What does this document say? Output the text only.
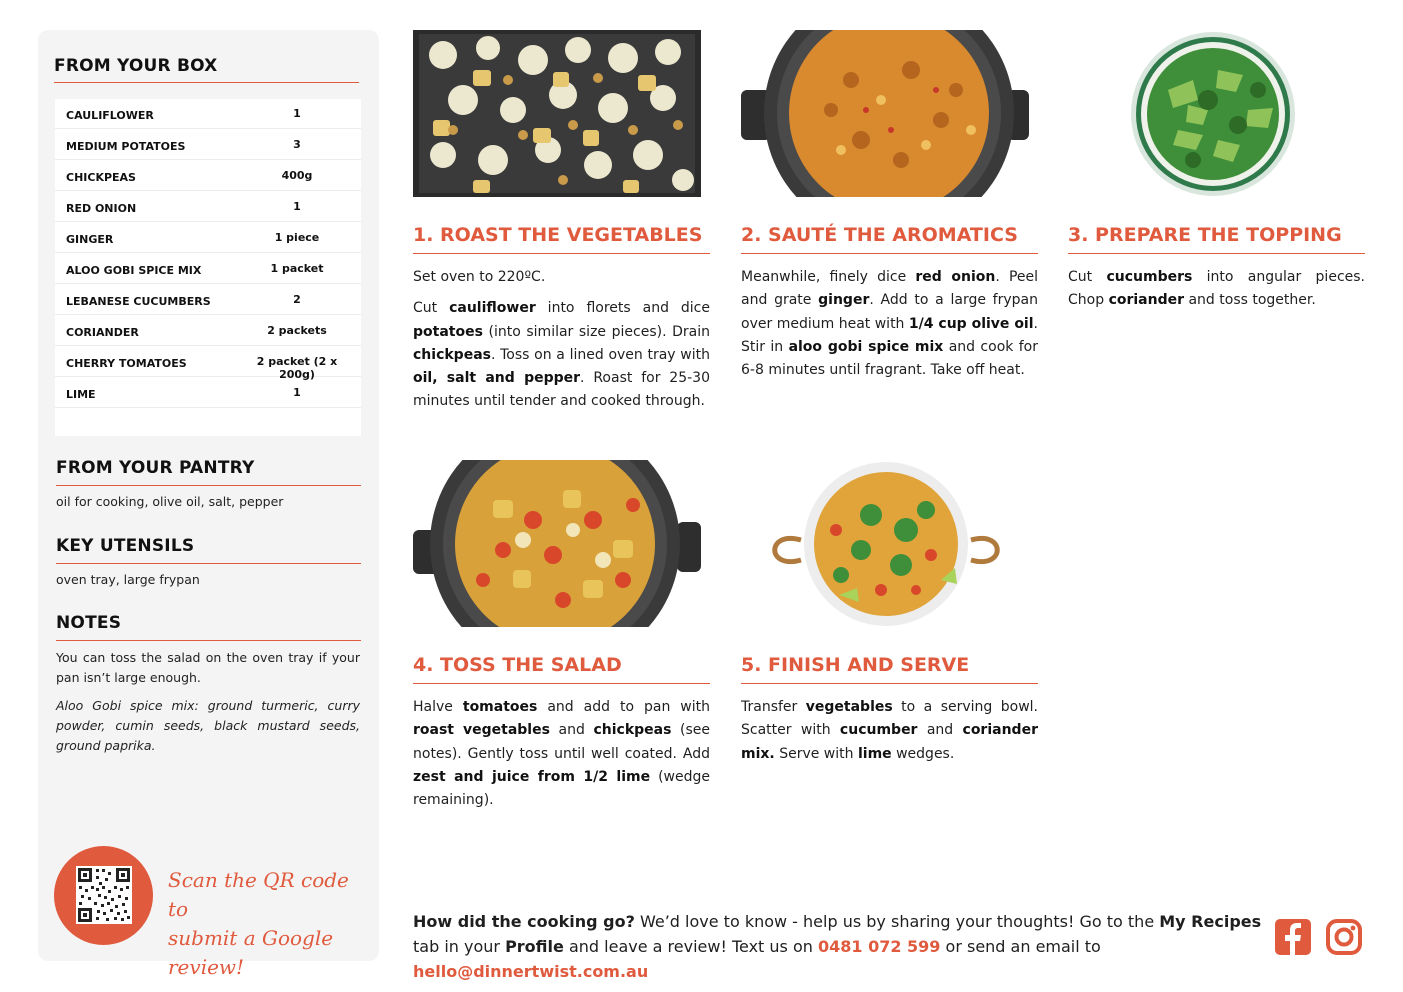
FROM YOUR BOX
CAULIFLOWER	1
MEDIUM POTATOES	3
CHICKPEAS	400g
RED ONION	1
GINGER	1 piece
ALOO GOBI SPICE MIX	1 packet
LEBANESE CUCUMBERS	2
CORIANDER	2 packets
CHERRY TOMATOES	2 packet (2 x 200g)
LIME	1
FROM YOUR PANTRY
oil for cooking, olive oil, salt, pepper
KEY UTENSILS
oven tray, large frypan
NOTES
You can toss the salad on the oven tray if your pan isn’t large enough.
Aloo Gobi spice mix: ground turmeric, curry powder, cumin seeds, black mustard seeds, ground paprika.
Scan the QR code to
submit a Google review!
1. ROAST THE VEGETABLES

Set oven to 220ºC.

Cut cauliflower into florets and dice potatoes (into similar size pieces). Drain chickpeas. Toss on a lined oven tray with oil, salt and pepper. Roast for 25-30 minutes until tender and cooked through.

2. SAUTÉ THE AROMATICS

Meanwhile, finely dice red onion. Peel and grate ginger. Add to a large frypan over medium heat with 1/4 cup olive oil. Stir in aloo gobi spice mix and cook for 6-8 minutes until fragrant. Take off heat.

3. PREPARE THE TOPPING

Cut cucumbers into angular pieces. Chop coriander and toss together.

4. TOSS THE SALAD

Halve tomatoes and add to pan with roast vegetables and chickpeas (see notes). Gently toss until well coated. Add zest and juice from 1/2 lime (wedge remaining).

5. FINISH AND SERVE

Transfer vegetables to a serving bowl. Scatter with cucumber and coriander mix. Serve with lime wedges.

How did the cooking go? We’d love to know - help us by sharing your thoughts! Go to the My Recipes tab in your Profile and leave a review! Text us on 0481 072 599 or send an email to hello@dinnertwist.com.au
